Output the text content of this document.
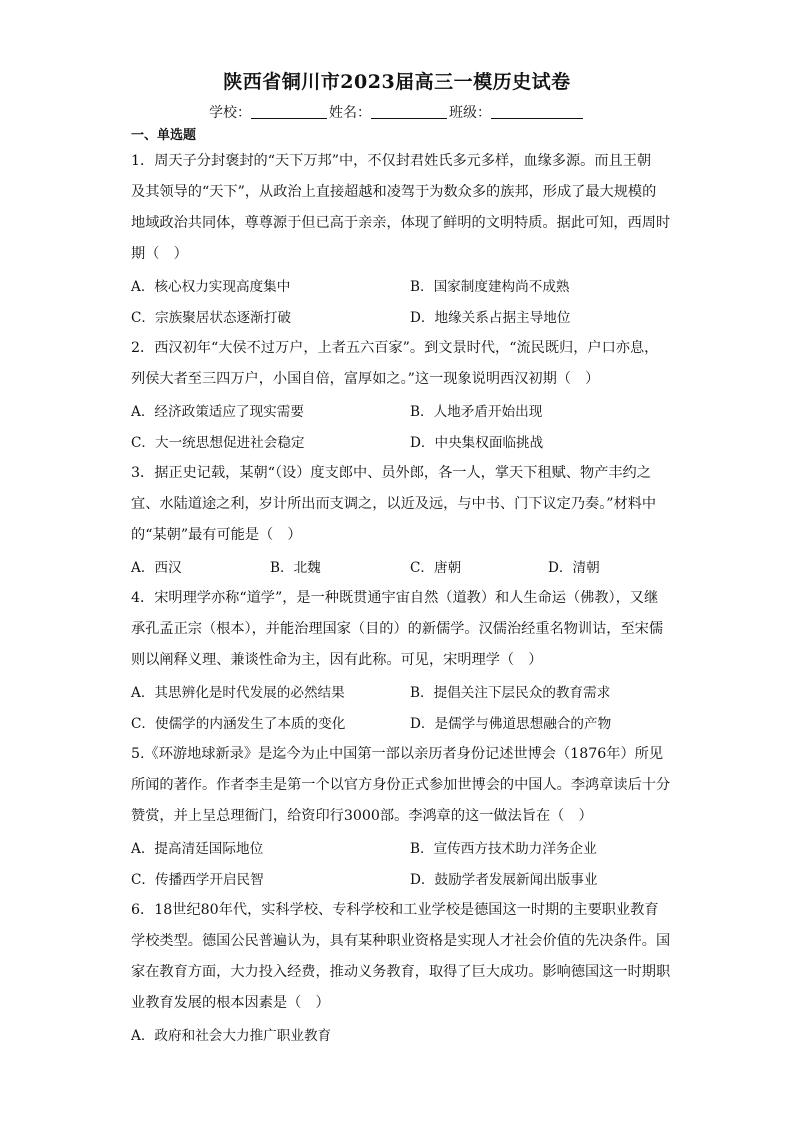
陕西省铜川市2023届高三一模历史试卷
学校：	姓名：	班级：
一、单选题
1．周天子分封褒封的“天下万邦”中，不仅封君姓氏多元多样，血缘多源。而且王朝
及其领导的“天下”，从政治上直接超越和凌驾于为数众多的族邦，形成了最大规模的
地域政治共同体，尊尊源于但已高于亲亲，体现了鲜明的文明特质。据此可知，西周时
期（　）
A．核心权力实现高度集中	B．国家制度建构尚不成熟
C．宗族聚居状态逐渐打破	D．地缘关系占据主导地位
2．西汉初年“大侯不过万户，上者五六百家”。到文景时代，“流民既归，户口亦息，
列侯大者至三四万户，小国自倍，富厚如之。”这一现象说明西汉初期（　）
A．经济政策适应了现实需要	B．人地矛盾开始出现
C．大一统思想促进社会稳定	D．中央集权面临挑战
3．据正史记载，某朝“（设）度支郎中、员外郎，各一人，掌天下租赋、物产丰约之
宜、水陆道途之利，岁计所出而支调之，以近及远，与中书、门下议定乃奏。”材料中
的“某朝”最有可能是（　）
A．西汉	B．北魏	C．唐朝	D．清朝
4．宋明理学亦称“道学”，是一种既贯通宇宙自然（道教）和人生命运（佛教），又继
承孔孟正宗（根本），并能治理国家（目的）的新儒学。汉儒治经重名物训诂，至宋儒
则以阐释义理、兼谈性命为主，因有此称。可见，宋明理学（　）
A．其思辨化是时代发展的必然结果	B．提倡关注下层民众的教育需求
C．使儒学的内涵发生了本质的变化	D．是儒学与佛道思想融合的产物
5.《环游地球新录》是迄今为止中国第一部以亲历者身份记述世博会（1876年）所见
所闻的著作。作者李圭是第一个以官方身份正式参加世博会的中国人。李鸿章读后十分
赞赏，并上呈总理衙门，给资印行3000部。李鸿章的这一做法旨在（　）
A．提高清廷国际地位	B．宣传西方技术助力洋务企业
C．传播西学开启民智	D．鼓励学者发展新闻出版事业
6．18世纪80年代，实科学校、专科学校和工业学校是德国这一时期的主要职业教育
学校类型。德国公民普遍认为，具有某种职业资格是实现人才社会价值的先决条件。国
家在教育方面，大力投入经费，推动义务教育，取得了巨大成功。影响德国这一时期职
业教育发展的根本因素是（　）
A．政府和社会大力推广职业教育
